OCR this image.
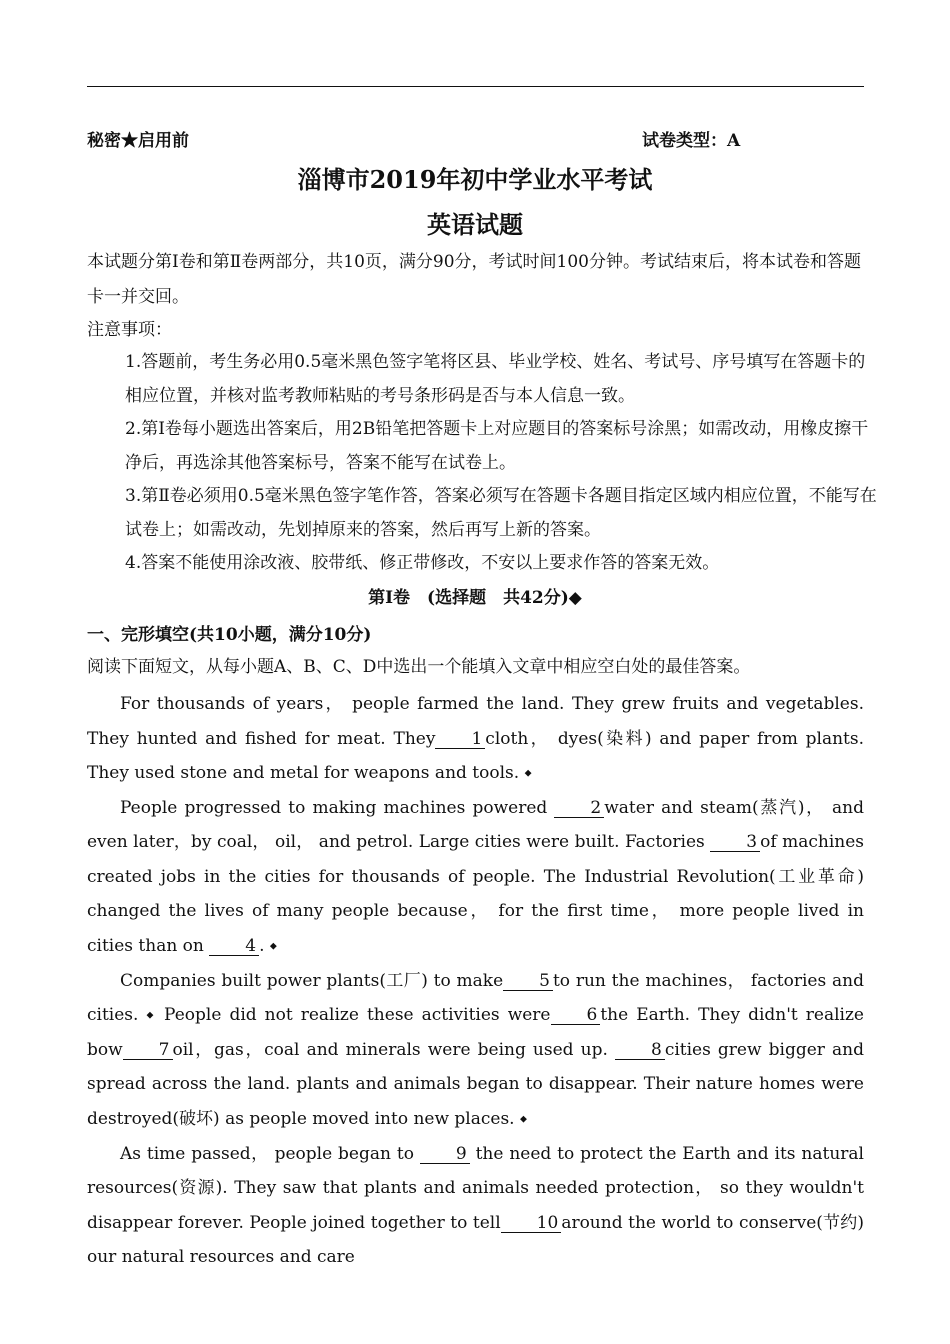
秘密★启用前	试卷类型：A
淄博市2019年初中学业水平考试
英语试题
本试题分第Ⅰ卷和第Ⅱ卷两部分，共10页，满分90分，考试时间100分钟。考试结束后，将本试卷和答题卡一并交回。
注意事项：
1.答题前，考生务必用0.5毫米黑色签字笔将区县、毕业学校、姓名、考试号、序号填写在答题卡的相应位置，并核对监考教师粘贴的考号条形码是否与本人信息一致。
2.第I卷每小题选出答案后，用2B铅笔把答题卡上对应题目的答案标号涂黑；如需改动，用橡皮擦干净后，再选涂其他答案标号，答案不能写在试卷上。
3.第Ⅱ卷必须用0.5毫米黑色签字笔作答，答案必须写在答题卡各题目指定区域内相应位置，不能写在试卷上；如需改动，先划掉原来的答案，然后再写上新的答案。
4.答案不能使用涂改液、胶带纸、修正带修改，不安以上要求作答的答案无效。
第Ⅰ卷　(选择题　共42分)◆
一、完形填空(共10小题，满分10分)
阅读下面短文，从每小题A、B、C、D中选出一个能填入文章中相应空白处的最佳答案。

For thousands of years， people farmed the land. They grew fruits and vegetables. They hunted and fished for meat. They 1 cloth， dyes(染料) and paper from plants. They used stone and metal for weapons and tools. ◆

People progressed to making machines powered 2 water and steam(蒸汽)， and even later，by coal， oil， and petrol. Large cities were built. Factories 3 of machines created jobs in the cities for thousands of people. The Industrial Revolution(工业革命) changed the lives of many people because， for the first time， more people lived in cities than on 4 . ◆

Companies built power plants(工厂) to make 5 to run the machines， factories and cities. ◆ People did not realize these activities were 6 the Earth. They didn't realize bow 7 oil，gas，coal and minerals were being used up. 8 cities grew bigger and spread across the land. plants and animals began to disappear. Their nature homes were destroyed(破坏) as people moved into new places. ◆

As time passed， people began to 9 the need to protect the Earth and its natural resources(资源). They saw that plants and animals needed protection， so they wouldn't disappear forever. People joined together to tell 10 around the world to conserve(节约) our natural resources and care
